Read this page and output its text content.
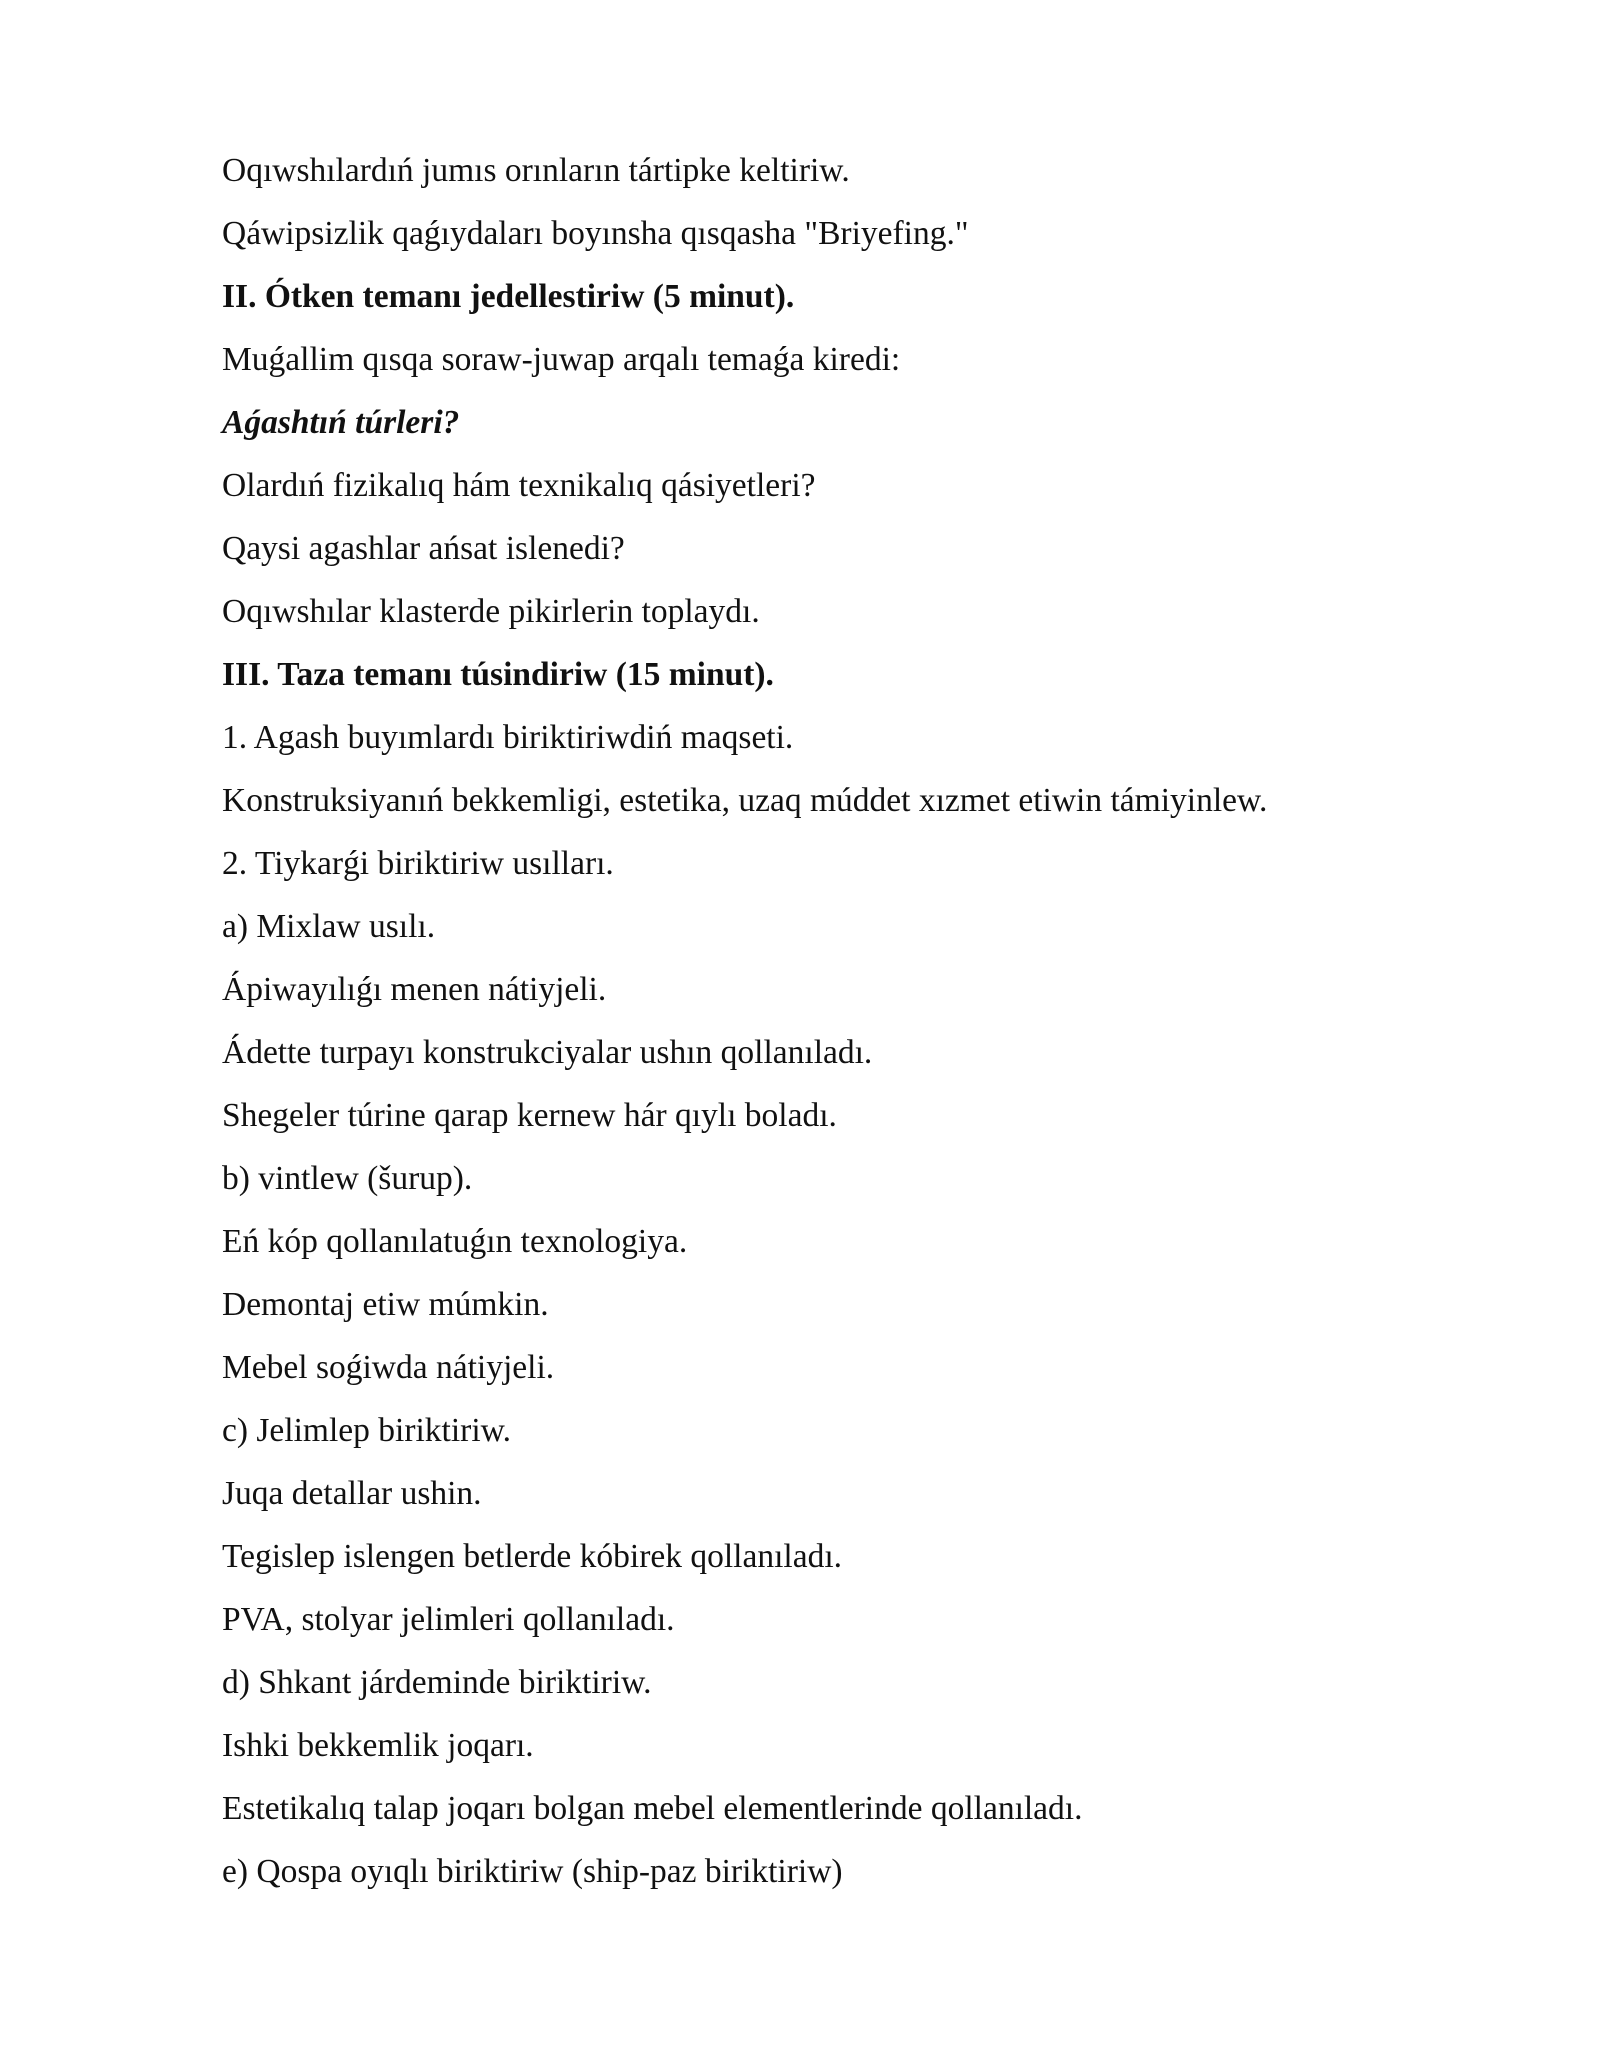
Oqıwshılardıń jumıs orınların tártipke keltiriw.
Qáwipsizlik qaǵıydaları boyınsha qısqasha "Briyefing."
II. Ótken temanı jedellestiriw (5 minut).
Muǵallim qısqa soraw-juwap arqalı temaǵa kiredi:
Aǵashtıń túrleri?
Olardıń fizikalıq hám texnikalıq qásiyetleri?
Qaysi agashlar ańsat islenedi?
Oqıwshılar klasterde pikirlerin toplaydı.
III. Taza temanı túsindiriw (15 minut).
1. Agash buyımlardı biriktiriwdiń maqseti.
Konstruksiyanıń bekkemligi, estetika, uzaq múddet xızmet etiwin támiyinlew.
2. Tiykarǵi biriktiriw usılları.
a) Mixlaw usılı.
Ápiwayılıǵı menen nátiyjeli.
Ádette turpayı konstrukciyalar ushın qollanıladı.
Shegeler túrine qarap kernew hár qıylı boladı.
b) vintlew (šurup).
Eń kóp qollanılatuǵın texnologiya.
Demontaj etiw múmkin.
Mebel soǵiwda nátiyjeli.
c) Jelimlep biriktiriw.
Juqa detallar ushin.
Tegislep islengen betlerde kóbirek qollanıladı.
PVA, stolyar jelimleri qollanıladı.
d) Shkant járdeminde biriktiriw.
Ishki bekkemlik joqarı.
Estetikalıq talap joqarı bolgan mebel elementlerinde qollanıladı.
e) Qospa oyıqlı biriktiriw (ship-paz biriktiriw)
